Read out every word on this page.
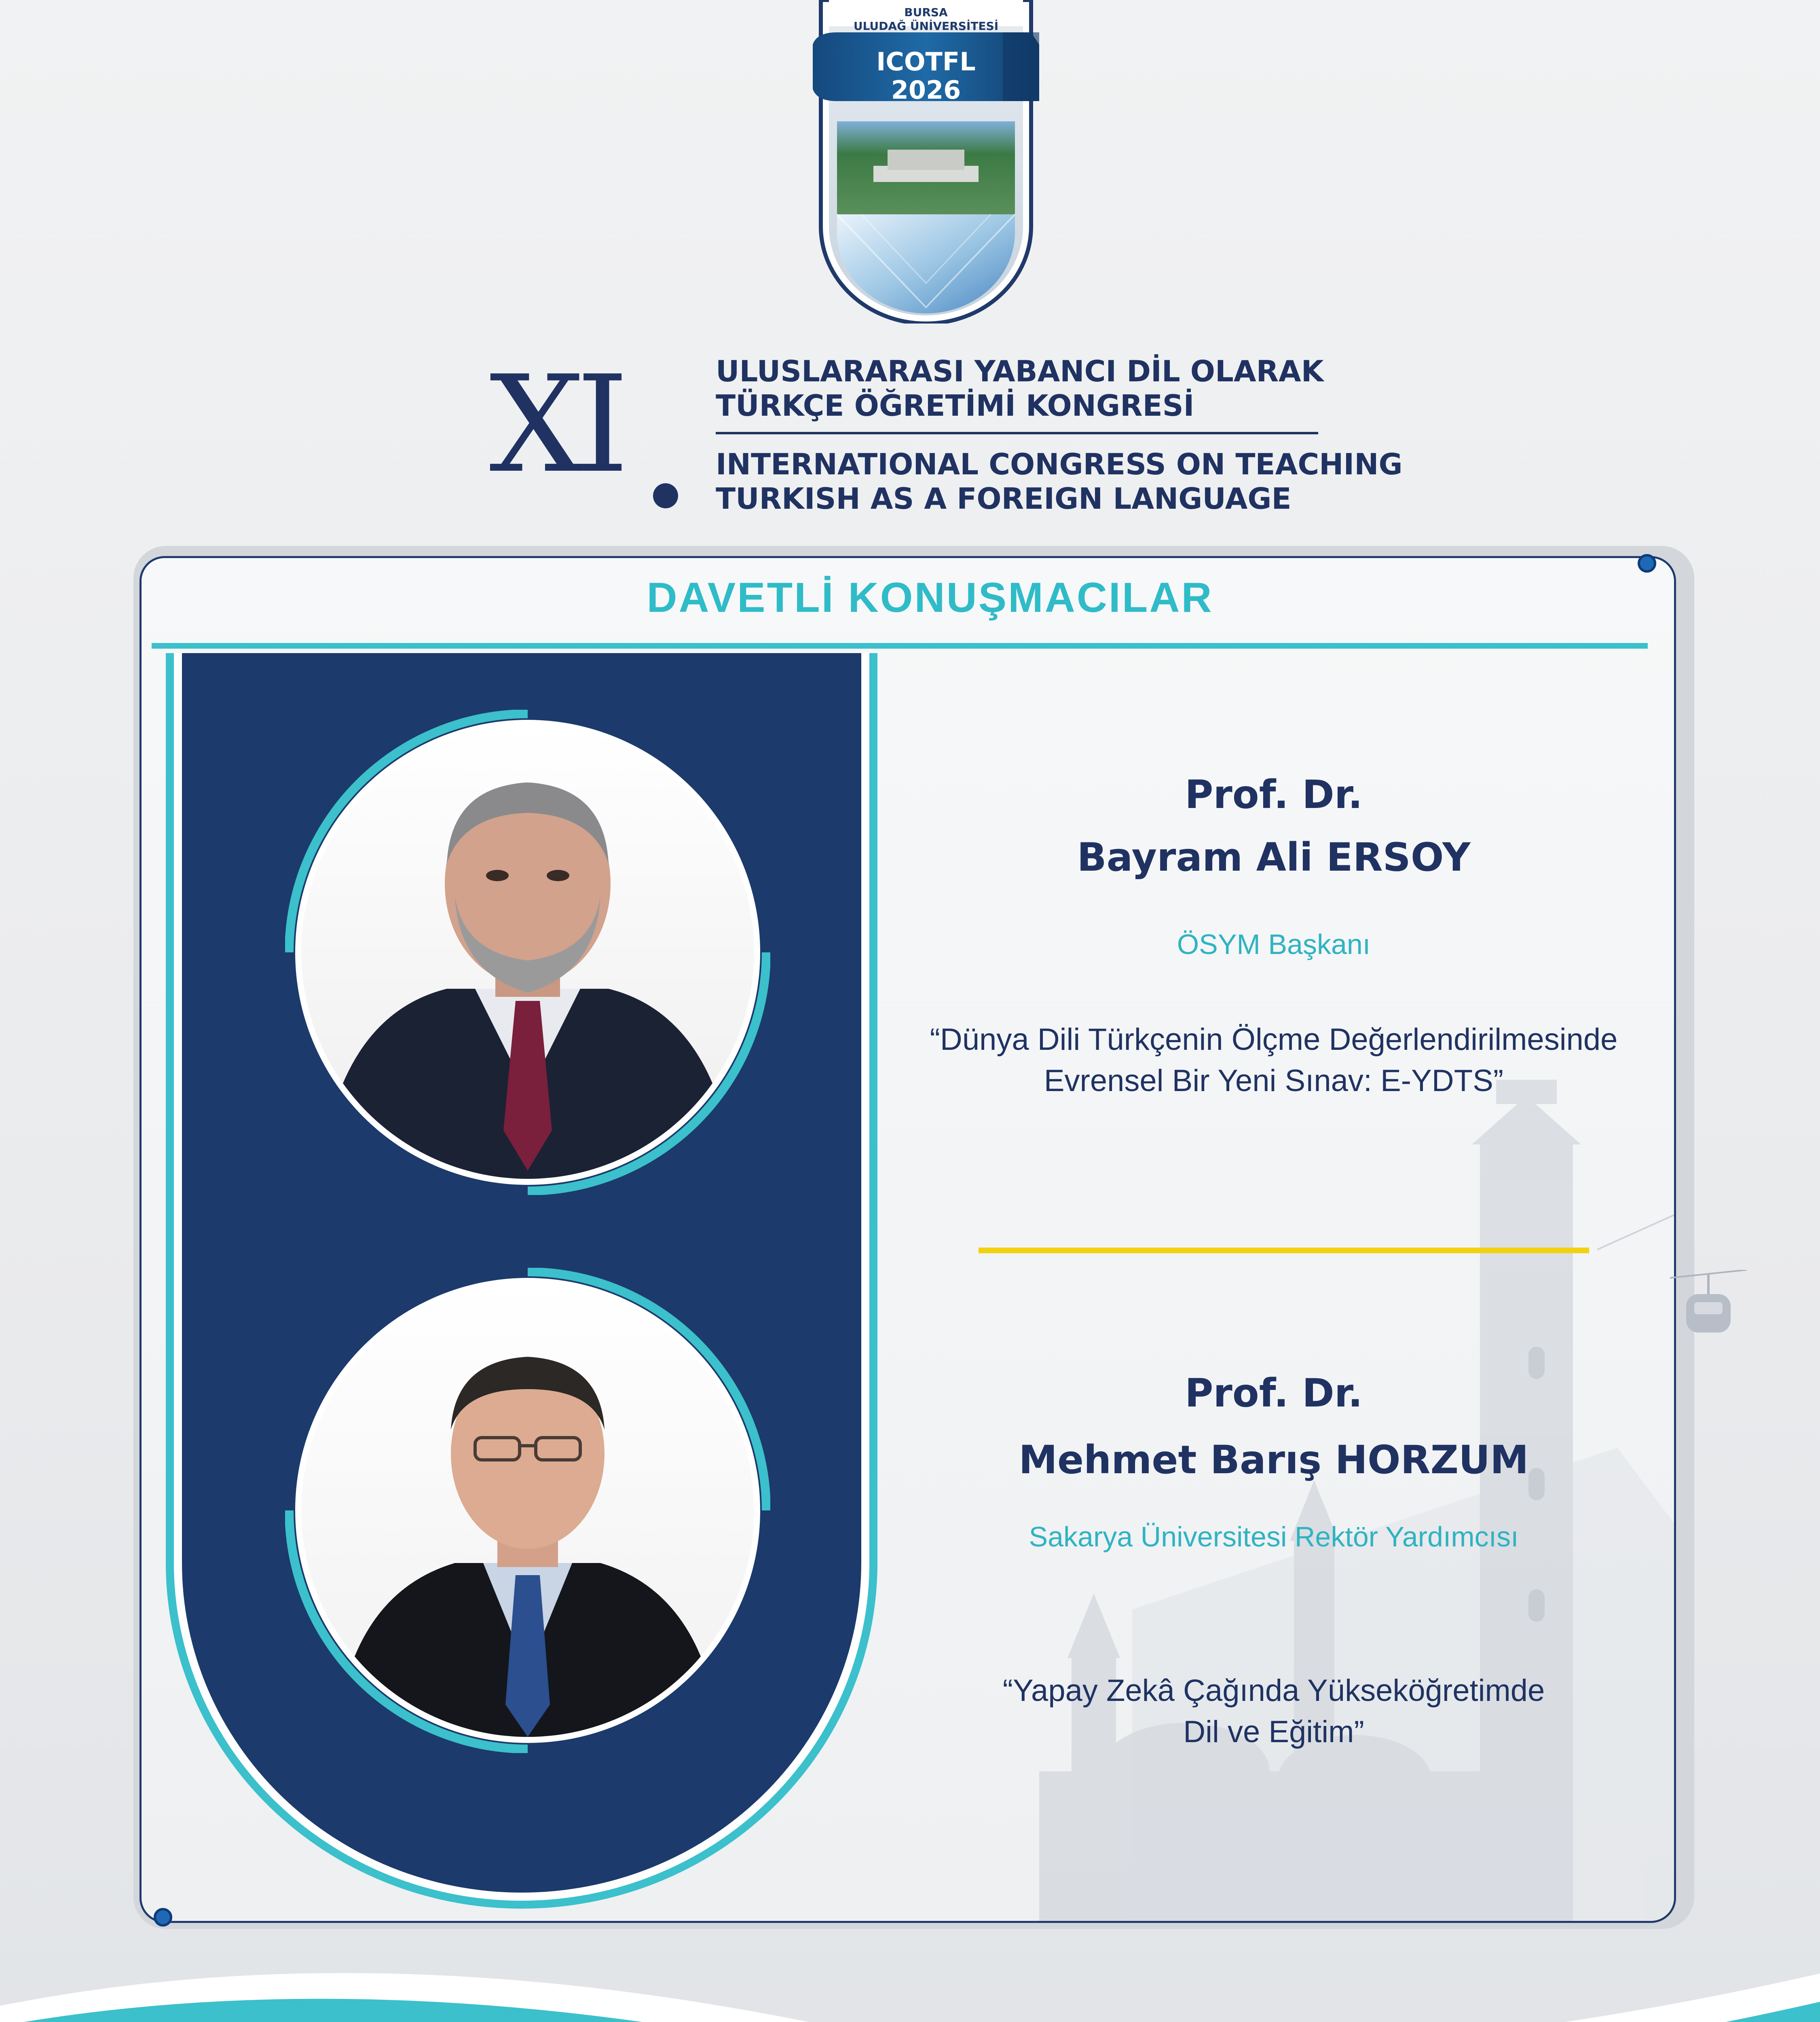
BURSA
ULUDAĞ ÜNİVERSİTESİ
ICOTFL
2026
XI	ULUSLARARASI YABANCI DİL OLARAK
TÜRKÇE ÖĞRETİMİ KONGRESİ
INTERNATIONAL CONGRESS ON TEACHING
TURKISH AS A FOREIGN LANGUAGE
DAVETLİ KONUŞMACILAR
Prof. Dr.
Bayram Ali ERSOY
ÖSYM Başkanı
“Dünya Dili Türkçenin Ölçme Değerlendirilmesinde
Evrensel Bir Yeni Sınav: E-YDTS”
Prof. Dr.
Mehmet Barış HORZUM
Sakarya Üniversitesi Rektör Yardımcısı
“Yapay Zekâ Çağında Yükseköğretimde
Dil ve Eğitim”
